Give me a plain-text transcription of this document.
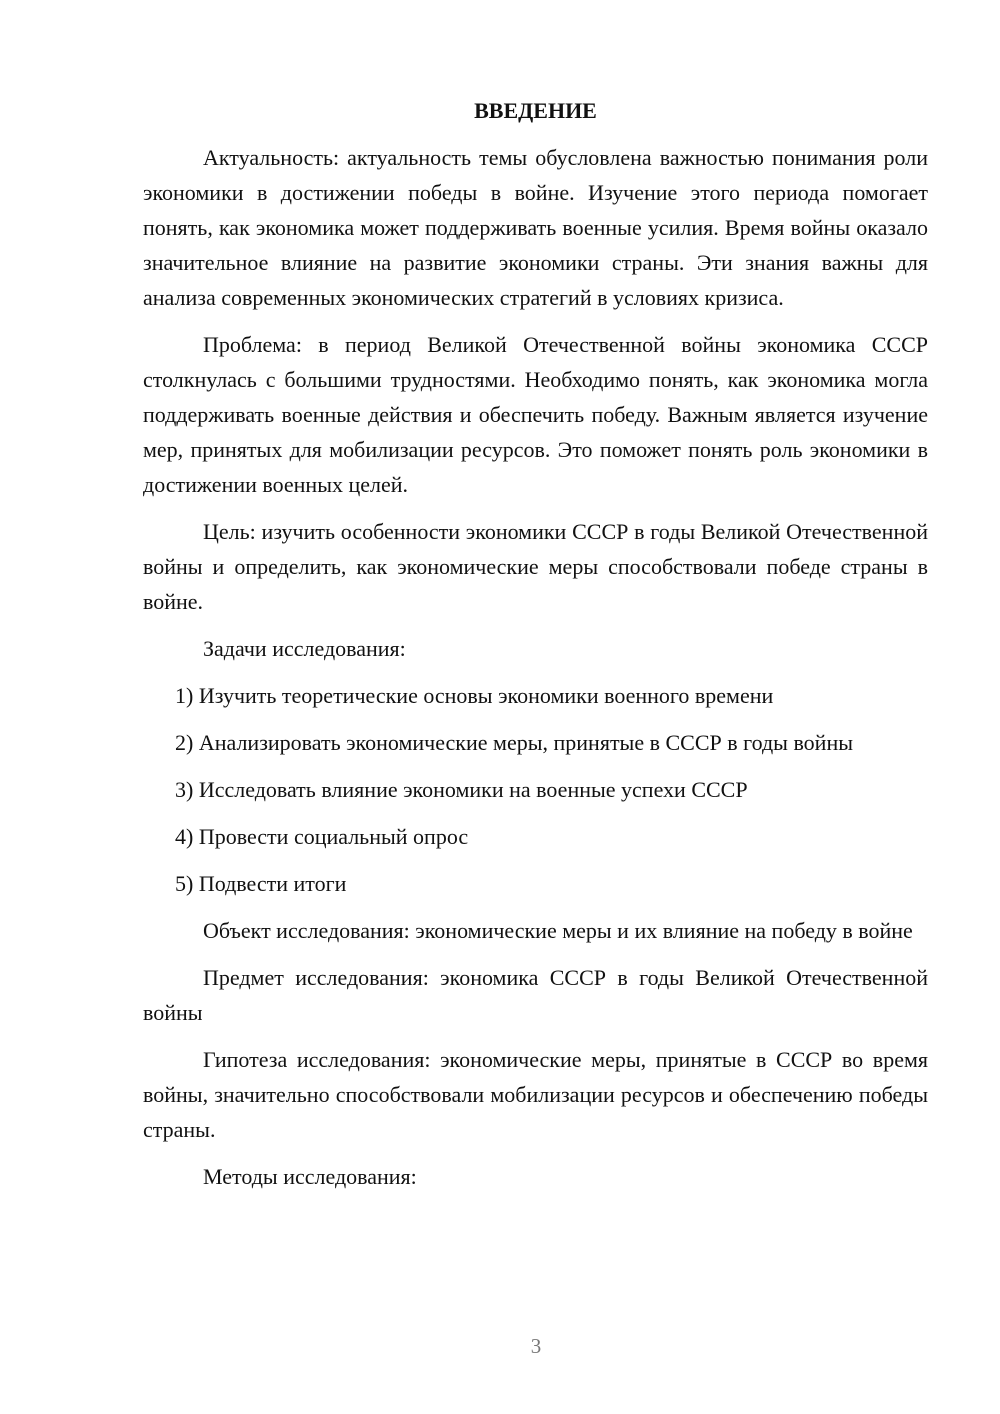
ВВЕДЕНИЕ

Актуальность: актуальность темы обусловлена важностью понимания роли экономики в достижении победы в войне. Изучение этого периода помогает понять, как экономика может поддерживать военные усилия. Время войны оказало значительное влияние на развитие экономики страны. Эти знания важны для анализа современных экономических стратегий в условиях кризиса.

Проблема: в период Великой Отечественной войны экономика СССР столкнулась с большими трудностями. Необходимо понять, как экономика могла поддерживать военные действия и обеспечить победу. Важным является изучение мер, принятых для мобилизации ресурсов. Это поможет понять роль экономики в достижении военных целей.

Цель: изучить особенности экономики СССР в годы Великой Отечественной войны и определить, как экономические меры способствовали победе страны в войне.

Задачи исследования:

1) Изучить теоретические основы экономики военного времени

2) Анализировать экономические меры, принятые в СССР в годы войны

3) Исследовать влияние экономики на военные успехи СССР

4) Провести социальный опрос

5) Подвести итоги

Объект исследования: экономические меры и их влияние на победу в войне

Предмет исследования: экономика СССР в годы Великой Отечественной войны

Гипотеза исследования: экономические меры, принятые в СССР во время войны, значительно способствовали мобилизации ресурсов и обеспечению победы страны.

Методы исследования:

3
